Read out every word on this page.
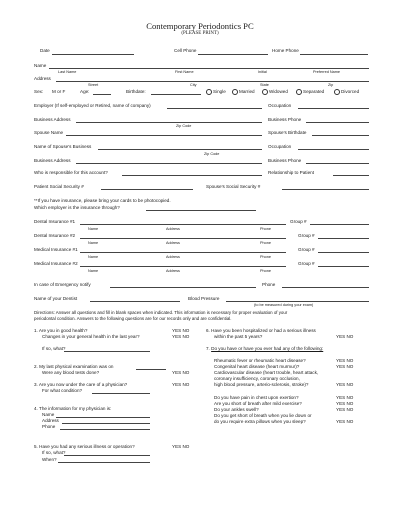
Contemporary Periodontics PC
(PLEASE PRINT)
Date	Cell Phone	Home Phone
Name
Last Name	First Name	Initial	Preferred Name
Address
Street	City	State	Zip
Sex: M or F	Age:	Birthdate:	Single	Married	Widowed	Separated	Divorced
Employer (If self-employed or Retired, name of company)	Occupation
Business Address	Business Phone
Zip Code
Spouse Name	Spouse's Birthdate
Name of Spouse's Business	Occupation
Zip Code
Business Address	Business Phone
Who is responsible for this account?	Relationship to Patient
Patient Social Security #	Spouse's Social Security #
**If you have insurance, please bring your cards to be photocopied.
Which employer is the insurance through?
Dental Insurance #1	Group #
Name	Address	Phone
Dental Insurance #2	Group #
Name	Address	Phone
Medical Insurance #1	Group #
Name	Address	Phone
Medical Insurance #2	Group #
Name	Address	Phone
In case of Emergency notify	Phone
Name of your Dentist	Blood Pressure
(to be measured during your exam)
Directions: Answer all questions and fill in blank spaces when indicated. This information is necessary for proper evaluation of your
periodontal condition. Answers to the following questions are for our records only and are confidential.
1. Are you in good health?	YES NO
Changes in your general health in the last year?	YES NO
If so, what?
2. My last physical examination was on
Were any blood tests done?	YES NO
3. Are you now under the care of a physician?	YES NO
For what condition?
4. The information for my physician is:
Name
Address
Phone
5. Have you had any serious illness or operation?	YES NO
If so, what?
When?
6. Have you been hospitalized or had a serious illness
within the past 5 years?	YES NO
7. Do you have or have you ever had any of the following:
Rheumatic fever or rheumatic heart disease?	YES NO
Congenital heart disease (heart murmur)?	YES NO
Cardiovascular disease (heart trouble, heart attack,
coronary insufficiency, coronary occlusion,
high blood pressure, arterio-sclerosis, stroke)?	YES NO
Do you have pain in chest upon exertion?	YES NO
Are you short of breath after mild exercise?	YES NO
Do your ankles swell?	YES NO
Do you get short of breath when you lie down or
do you require extra pillows when you sleep?	YES NO
